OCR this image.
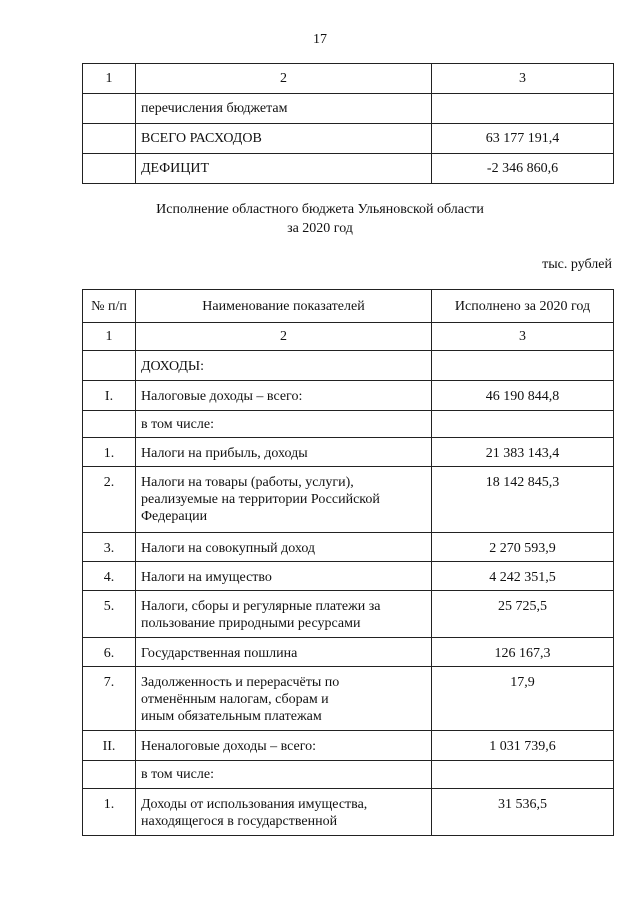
17
1	2	3
	перечисления бюджетам	
	ВСЕГО РАСХОДОВ	63 177 191,4
	ДЕФИЦИТ	-2 346 860,6
Исполнение областного бюджета Ульяновской области
за 2020 год
тыс. рублей
№ п/п	Наименование показателей	Исполнено за 2020 год
1	2	3
	ДОХОДЫ:	
I.	Налоговые доходы – всего:	46 190 844,8
	в том числе:	
1.	Налоги на прибыль, доходы	21 383 143,4
2.	Налоги на товары (работы, услуги), реализуемые на территории Российской Федерации	18 142 845,3
3.	Налоги на совокупный доход	2 270 593,9
4.	Налоги на имущество	4 242 351,5
5.	Налоги, сборы и регулярные платежи за пользование природными ресурсами	25 725,5
6.	Государственная пошлина	126 167,3
7.	Задолженность и перерасчёты по отменённым налогам, сборам и иным обязательным платежам	17,9
II.	Неналоговые доходы – всего:	1 031 739,6
	в том числе:	
1.	Доходы от использования имущества, находящегося в государственной	31 536,5
